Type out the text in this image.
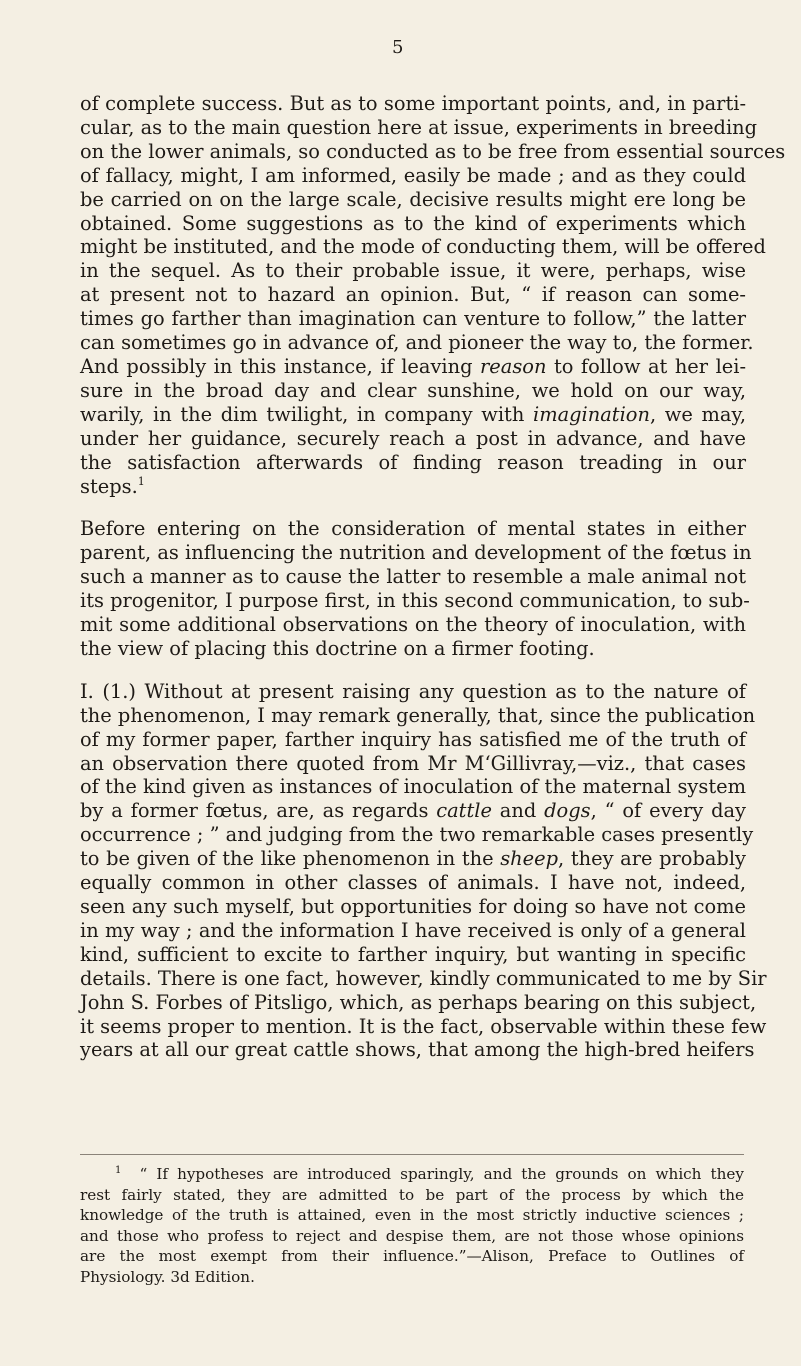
5
of complete success. But as to some important points, and, in parti-
cular, as to the main question here at issue, experiments in breeding
on the lower animals, so conducted as to be free from essential sources
of fallacy, might, I am informed, easily be made ; and as they could
be carried on on the large scale, decisive results might ere long be
obtained. Some suggestions as to the kind of experiments which
might be instituted, and the mode of conducting them, will be offered
in the sequel. As to their probable issue, it were, perhaps, wise
at present not to hazard an opinion. But, “ if reason can some-
times go farther than imagination can venture to follow,” the latter
can sometimes go in advance of, and pioneer the way to, the former.
And possibly in this instance, if leaving reason to follow at her lei-
sure in the broad day and clear sunshine, we hold on our way,
warily, in the dim twilight, in company with imagination, we may,
under her guidance, securely reach a post in advance, and have
the satisfaction afterwards of finding reason treading in our
steps.$^1$
Before entering on the consideration of mental states in either
parent, as influencing the nutrition and development of the fœtus in
such a manner as to cause the latter to resemble a male animal not
its progenitor, I purpose first, in this second communication, to sub-
mit some additional observations on the theory of inoculation, with
the view of placing this doctrine on a firmer footing.
I. (1.) Without at present raising any question as to the nature of
the phenomenon, I may remark generally, that, since the publication
of my former paper, farther inquiry has satisfied me of the truth of
an observation there quoted from Mr M‘Gillivray,—viz., that cases
of the kind given as instances of inoculation of the maternal system
by a former fœtus, are, as regards cattle and dogs, “ of every day
occurrence ; ” and judging from the two remarkable cases presently
to be given of the like phenomenon in the sheep, they are probably
equally common in other classes of animals. I have not, indeed,
seen any such myself, but opportunities for doing so have not come
in my way ; and the information I have received is only of a general
kind, sufficient to excite to farther inquiry, but wanting in specific
details. There is one fact, however, kindly communicated to me by Sir
John S. Forbes of Pitsligo, which, as perhaps bearing on this subject,
it seems proper to mention. It is the fact, observable within these few
years at all our great cattle shows, that among the high-bred heifers
$^1$ “ If hypotheses are introduced sparingly, and the grounds on which they
rest fairly stated, they are admitted to be part of the process by which the
knowledge of the truth is attained, even in the most strictly inductive sciences ;
and those who profess to reject and despise them, are not those whose opinions
are the most exempt from their influence.”—Alison, Preface to Outlines of
Physiology. 3d Edition.
